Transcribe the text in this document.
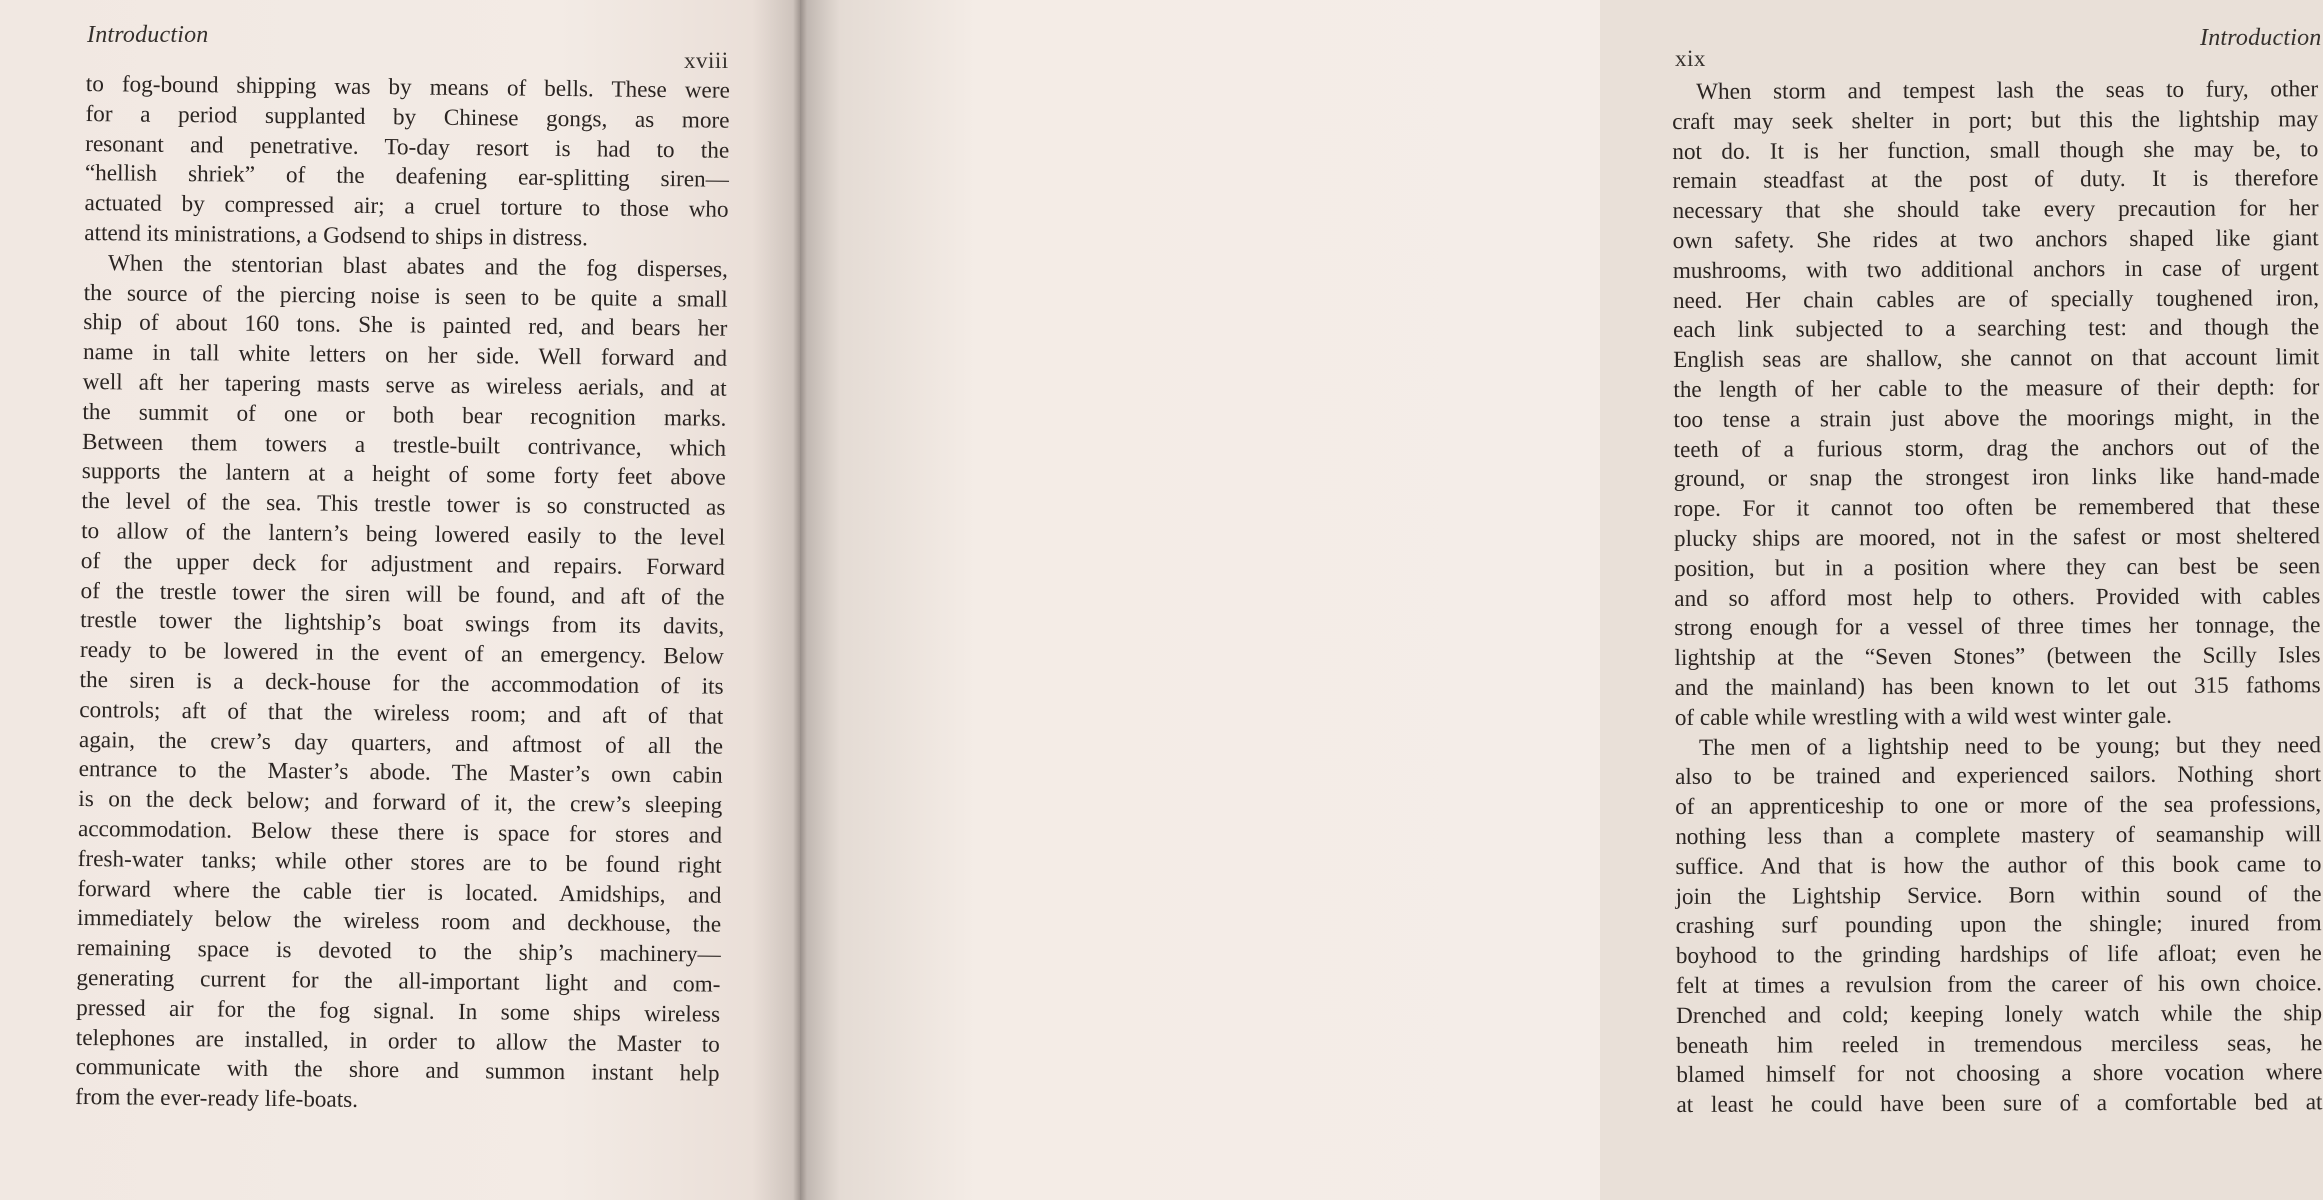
Introduction
xviii
to fog-bound shipping was by means of bells. These were
for a period supplanted by Chinese gongs, as more
resonant and penetrative. To-day resort is had to the
“hellish shriek” of the deafening ear-splitting siren—
actuated by compressed air; a cruel torture to those who
attend its ministrations, a Godsend to ships in distress.
When the stentorian blast abates and the fog disperses,
the source of the piercing noise is seen to be quite a small
ship of about 160 tons. She is painted red, and bears her
name in tall white letters on her side. Well forward and
well aft her tapering masts serve as wireless aerials, and at
the summit of one or both bear recognition marks.
Between them towers a trestle-built contrivance, which
supports the lantern at a height of some forty feet above
the level of the sea. This trestle tower is so constructed as
to allow of the lantern’s being lowered easily to the level
of the upper deck for adjustment and repairs. Forward
of the trestle tower the siren will be found, and aft of the
trestle tower the lightship’s boat swings from its davits,
ready to be lowered in the event of an emergency. Below
the siren is a deck-house for the accommodation of its
controls; aft of that the wireless room; and aft of that
again, the crew’s day quarters, and aftmost of all the
entrance to the Master’s abode. The Master’s own cabin
is on the deck below; and forward of it, the crew’s sleeping
accommodation. Below these there is space for stores and
fresh-water tanks; while other stores are to be found right
forward where the cable tier is located. Amidships, and
immediately below the wireless room and deckhouse, the
remaining space is devoted to the ship’s machinery—
generating current for the all-important light and com-
pressed air for the fog signal. In some ships wireless
telephones are installed, in order to allow the Master to
communicate with the shore and summon instant help
from the ever-ready life-boats.
Introduction
xix
When storm and tempest lash the seas to fury, other
craft may seek shelter in port; but this the lightship may
not do. It is her function, small though she may be, to
remain steadfast at the post of duty. It is therefore
necessary that she should take every precaution for her
own safety. She rides at two anchors shaped like giant
mushrooms, with two additional anchors in case of urgent
need. Her chain cables are of specially toughened iron,
each link subjected to a searching test: and though the
English seas are shallow, she cannot on that account limit
the length of her cable to the measure of their depth: for
too tense a strain just above the moorings might, in the
teeth of a furious storm, drag the anchors out of the
ground, or snap the strongest iron links like hand-made
rope. For it cannot too often be remembered that these
plucky ships are moored, not in the safest or most sheltered
position, but in a position where they can best be seen
and so afford most help to others. Provided with cables
strong enough for a vessel of three times her tonnage, the
lightship at the “Seven Stones” (between the Scilly Isles
and the mainland) has been known to let out 315 fathoms
of cable while wrestling with a wild west winter gale.
The men of a lightship need to be young; but they need
also to be trained and experienced sailors. Nothing short
of an apprenticeship to one or more of the sea professions,
nothing less than a complete mastery of seamanship will
suffice. And that is how the author of this book came to
join the Lightship Service. Born within sound of the
crashing surf pounding upon the shingle; inured from
boyhood to the grinding hardships of life afloat; even he
felt at times a revulsion from the career of his own choice.
Drenched and cold; keeping lonely watch while the ship
beneath him reeled in tremendous merciless seas, he
blamed himself for not choosing a shore vocation where
at least he could have been sure of a comfortable bed at
